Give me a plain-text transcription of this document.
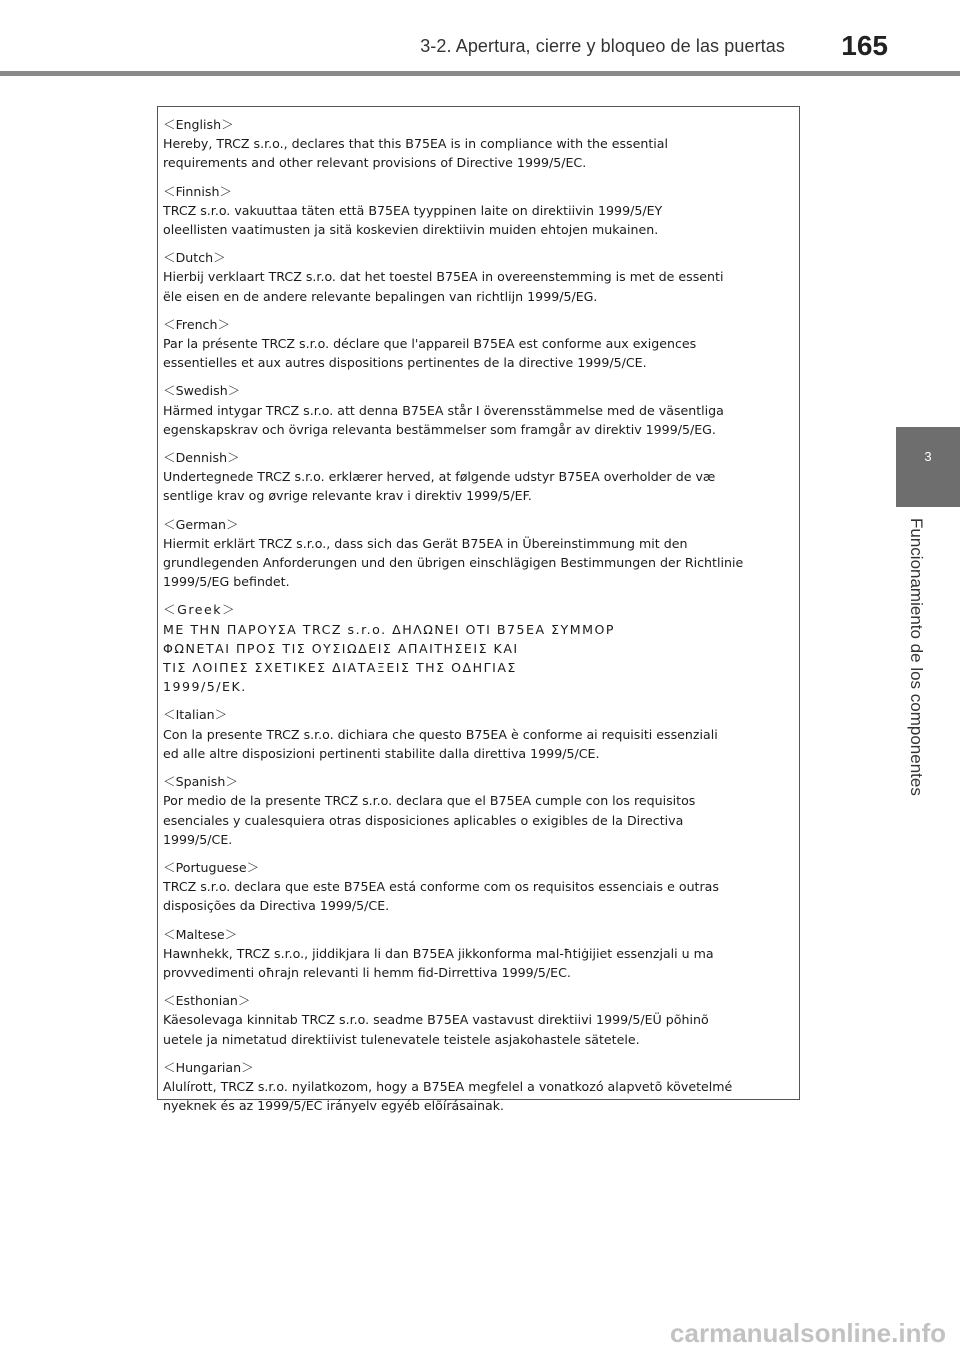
3-2. Apertura, cierre y bloqueo de las puertas 165
3
Funcionamiento de los componentes
＜English＞
Hereby, TRCZ s.r.o., declares that this B75EA is in compliance with the essential
requirements and other relevant provisions of Directive 1999/5/EC.
＜Finnish＞
TRCZ s.r.o. vakuuttaa täten että B75EA tyyppinen laite on direktiivin 1999/5/EY
oleellisten vaatimusten ja sitä koskevien direktiivin muiden ehtojen mukainen.
＜Dutch＞
Hierbij verklaart TRCZ s.r.o. dat het toestel B75EA in overeenstemming is met de essenti
ële eisen en de andere relevante bepalingen van richtlijn 1999/5/EG.
＜French＞
Par la présente TRCZ s.r.o. déclare que l'appareil B75EA est conforme aux exigences
essentielles et aux autres dispositions pertinentes de la directive 1999/5/CE.
＜Swedish＞
Härmed intygar TRCZ s.r.o. att denna B75EA står I överensstämmelse med de väsentliga
egenskapskrav och övriga relevanta bestämmelser som framgår av direktiv 1999/5/EG.
＜Dennish＞
Undertegnede TRCZ s.r.o. erklærer herved, at følgende udstyr B75EA overholder de væ
sentlige krav og øvrige relevante krav i direktiv 1999/5/EF.
＜German＞
Hiermit erklärt TRCZ s.r.o., dass sich das Gerät B75EA in Übereinstimmung mit den
grundlegenden Anforderungen und den übrigen einschlägigen Bestimmungen der Richtlinie
1999/5/EG befindet.
＜Greek＞
ΜΕ ΤΗΝ ΠΑΡΟΥΣΑ TRCZ s.r.o. ΔΗΛΩΝΕΙ ΟΤΙ B75EA ΣΥΜΜΟΡ
ΦΩΝΕΤΑΙ ΠΡΟΣ ΤΙΣ ΟΥΣΙΩΔΕΙΣ ΑΠΑΙΤΗΣΕΙΣ ΚΑΙ
ΤΙΣ ΛΟΙΠΕΣ ΣΧΕΤΙΚΕΣ ΔΙΑΤΑΞΕΙΣ ΤΗΣ ΟΔΗΓΙΑΣ
1999/5/EK.
＜Italian＞
Con la presente TRCZ s.r.o. dichiara che questo B75EA è conforme ai requisiti essenziali
ed alle altre disposizioni pertinenti stabilite dalla direttiva 1999/5/CE.
＜Spanish＞
Por medio de la presente TRCZ s.r.o. declara que el B75EA cumple con los requisitos
esenciales y cualesquiera otras disposiciones aplicables o exigibles de la Directiva
1999/5/CE.
＜Portuguese＞
TRCZ s.r.o. declara que este B75EA está conforme com os requisitos essenciais e outras
disposições da Directiva 1999/5/CE.
＜Maltese＞
Hawnhekk, TRCZ s.r.o., jiddikjara li dan B75EA jikkonforma mal-ħtiġijiet essenzjali u ma
provvedimenti oħrajn relevanti li hemm fid-Dirrettiva 1999/5/EC.
＜Esthonian＞
Käesolevaga kinnitab TRCZ s.r.o. seadme B75EA vastavust direktiivi 1999/5/EÜ põhinõ
uetele ja nimetatud direktiivist tulenevatele teistele asjakohastele sätetele.
＜Hungarian＞
Alulírott, TRCZ s.r.o. nyilatkozom, hogy a B75EA megfelel a vonatkozó alapvetõ követelmé
nyeknek és az 1999/5/EC irányelv egyéb elõírásainak.
carmanualsonline.info
